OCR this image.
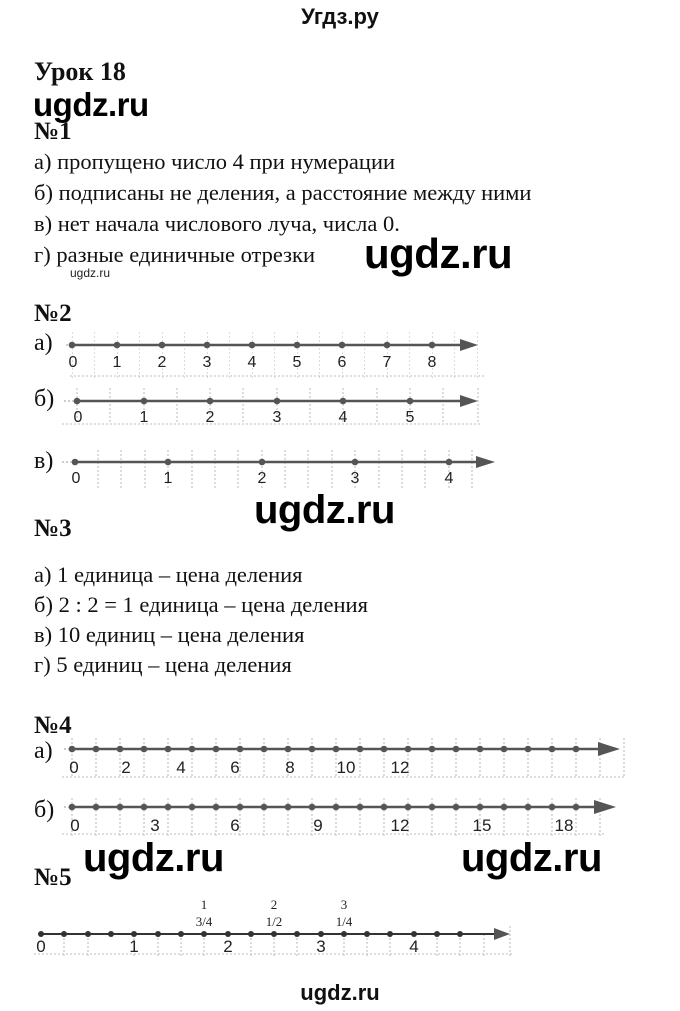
Угдз.ру
Урок 18
ugdz.ru
№1
а) пропущено число 4 при нумерации
б) подписаны не деления, а расстояние между ними
в) нет начала числового луча, числа 0.
г) разные единичные отрезки ugdz.ru
ugdz.ru
№2
а)
б)
в)
0 1 2 3 4 5 6 7 8
0	1	2	3	4	5
0	1	2	3	4
0	2	4	6	8 10 12
0	3	6	9	12	15	18
0	1	2	3	4
1
3/4
2
1/2
3
1/4
ugdz.ru
№3
а) 1 единица – цена деления
б) 2 : 2 = 1 единица – цена деления
в) 10 единиц – цена деления
г) 5 единиц – цена деления
№4
а)
б)
ugdz.ru	ugdz.ru
№5
ugdz.ru
